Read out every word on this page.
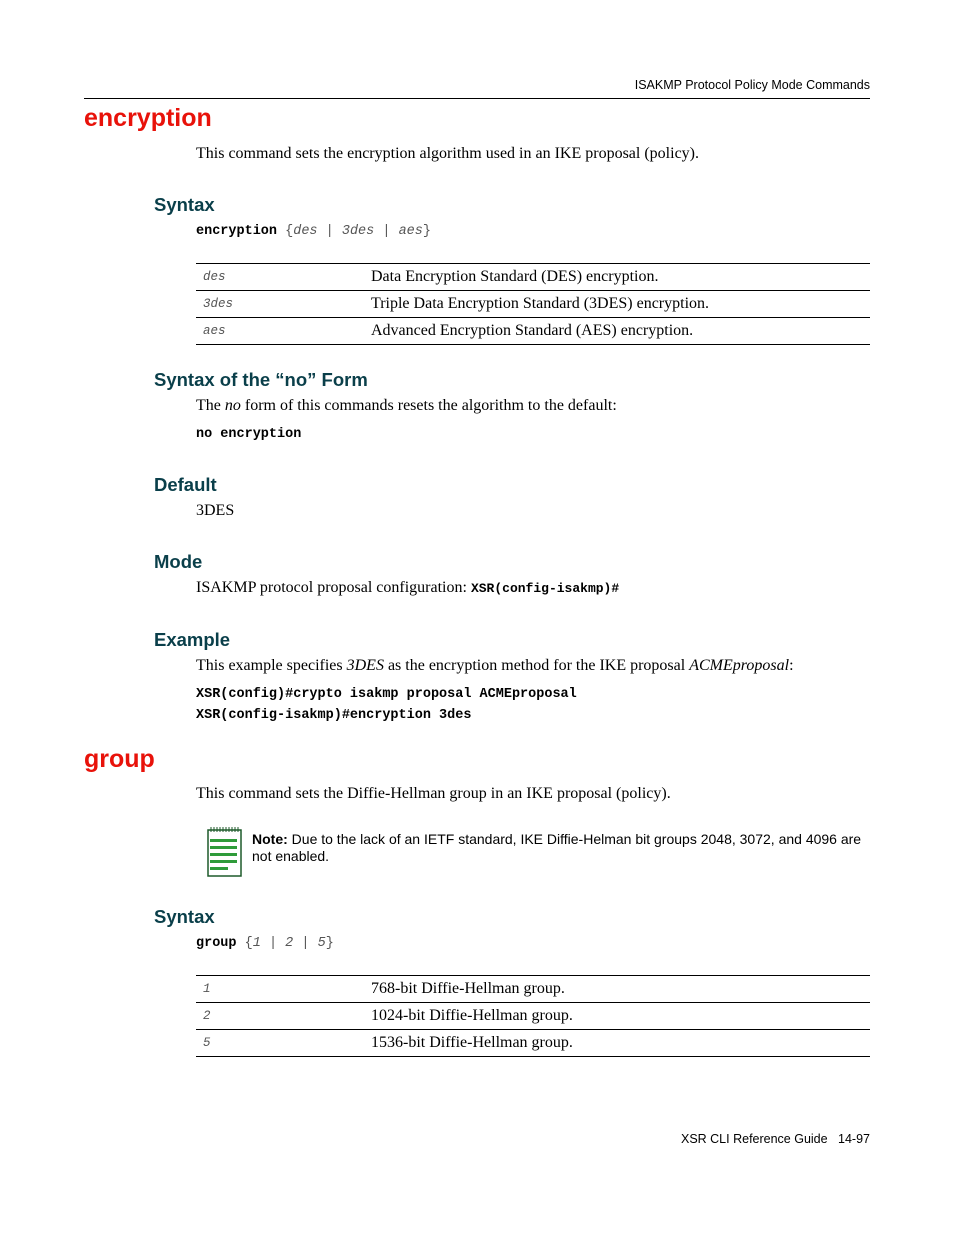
ISAKMP Protocol Policy Mode Commands
encryption
This command sets the encryption algorithm used in an IKE proposal (policy).
Syntax
encryption {des | 3des | aes}
des	Data Encryption Standard (DES) encryption.
3des	Triple Data Encryption Standard (3DES) encryption.
aes	Advanced Encryption Standard (AES) encryption.
Syntax of the “no” Form
The no form of this commands resets the algorithm to the default:
no encryption
Default
3DES
Mode
ISAKMP protocol proposal configuration: XSR(config-isakmp)#
Example
This example specifies 3DES as the encryption method for the IKE proposal ACMEproposal:
XSR(config)#crypto isakmp proposal ACMEproposal
XSR(config-isakmp)#encryption 3des
group
This command sets the Diffie-Hellman group in an IKE proposal (policy).
Note: Due to the lack of an IETF standard, IKE Diffie-Helman bit groups 2048, 3072, and 4096 are not enabled.
Syntax
group {1 | 2 | 5}
1	768-bit Diffie-Hellman group.
2	1024-bit Diffie-Hellman group.
5	1536-bit Diffie-Hellman group.
XSR CLI Reference Guide 14-97
